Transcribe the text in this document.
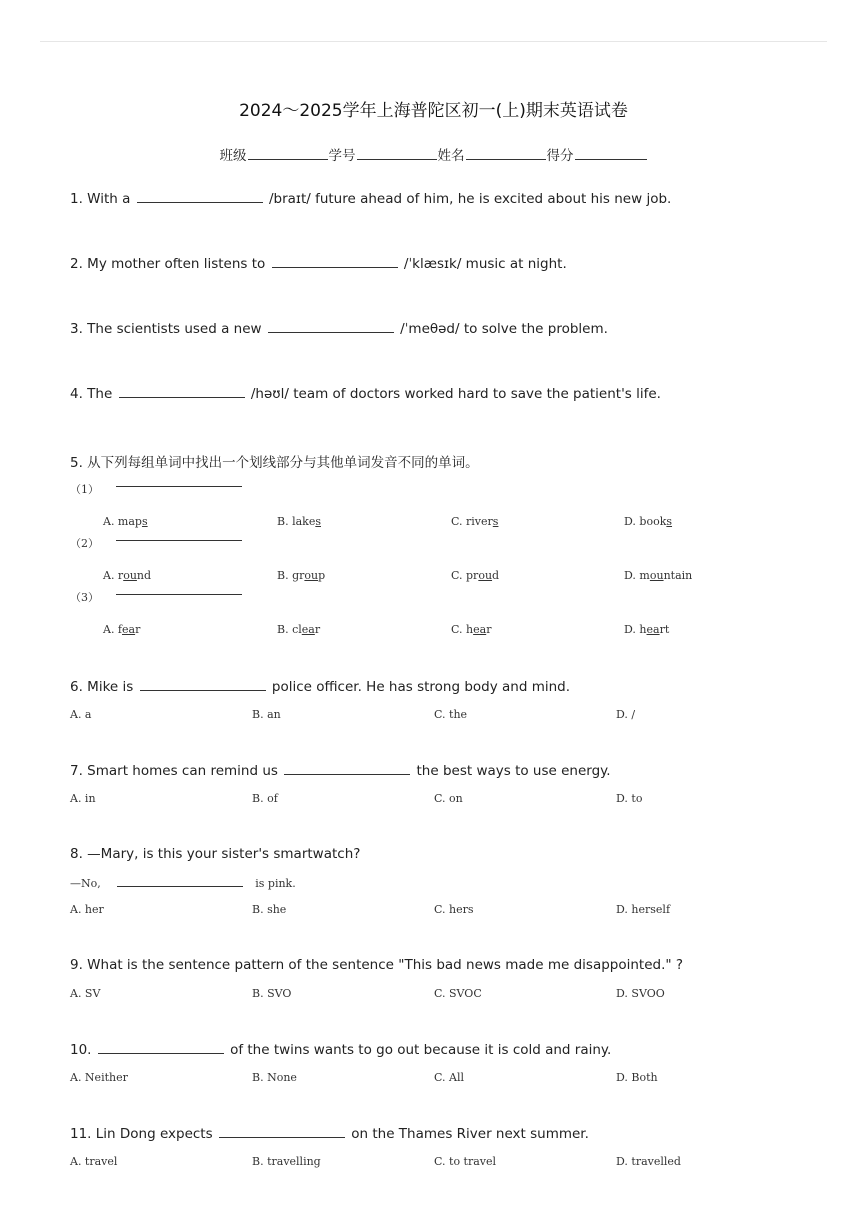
2024～2025学年上海普陀区初一(上)期末英语试卷
班级	学号	姓名	得分
1. With a	/braɪt/ future ahead of him, he is excited about his new job.
2. My mother often listens to	/ˈklæsɪk/ music at night.
3. The scientists used a new	/ˈmeθəd/ to solve the problem.
4. The	/həʊl/ team of doctors worked hard to save the patient's life.
5. 从下列每组单词中找出一个划线部分与其他单词发音不同的单词。
（1）
A. maps	B. lakes	C. rivers	D. books
（2）
A. round	B. group	C. proud	D. mountain
（3）
A. fear	B. clear	C. hear	D. heart
6. Mike is	police officer. He has strong body and mind.
A. a	B. an	C. the	D. /
7. Smart homes can remind us	the best ways to use energy.
A. in	B. of	C. on	D. to
8. —Mary, is this your sister's smartwatch?
—No,	is pink.
A. her	B. she	C. hers	D. herself
9. What is the sentence pattern of the sentence "This bad news made me disappointed." ?
A. SV	B. SVO	C. SVOC	D. SVOO
10.	of the twins wants to go out because it is cold and rainy.
A. Neither	B. None	C. All	D. Both
11. Lin Dong expects	on the Thames River next summer.
A. travel	B. travelling	C. to travel	D. travelled
